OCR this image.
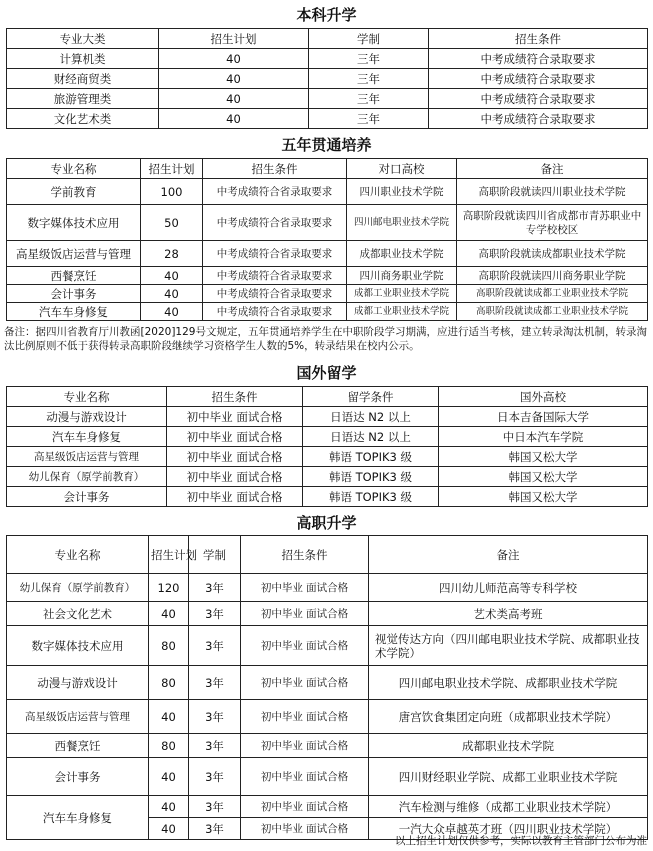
本科升学
专业大类	招生计划	学制	招生条件
计算机类	40	三年	中考成绩符合录取要求
财经商贸类	40	三年	中考成绩符合录取要求
旅游管理类	40	三年	中考成绩符合录取要求
文化艺术类	40	三年	中考成绩符合录取要求
五年贯通培养
专业名称	招生计划	招生条件	对口高校	备注
学前教育	100	中考成绩符合省录取要求	四川职业技术学院	高职阶段就读四川职业技术学院
数字媒体技术应用	50	中考成绩符合省录取要求	四川邮电职业技术学院	高职阶段就读四川省成都市青苏职业中专学校校区
高星级饭店运营与管理	28	中考成绩符合省录取要求	成都职业技术学院	高职阶段就读成都职业技术学院
西餐烹饪	40	中考成绩符合省录取要求	四川商务职业学院	高职阶段就读四川商务职业学院
会计事务	40	中考成绩符合省录取要求	成都工业职业技术学院	高职阶段就读成都工业职业技术学院
汽车车身修复	40	中考成绩符合省录取要求	成都工业职业技术学院	高职阶段就读成都工业职业技术学院

备注：据四川省教育厅川教函[2020]129号文规定，五年贯通培养学生在中职阶段学习期满，应进行适当考核，建立转录淘汰机制，转录淘汰比例原则不低于获得转录高职阶段继续学习资格学生人数的5%，转录结果在校内公示。

国外留学
专业名称	招生条件	留学条件	国外高校
动漫与游戏设计	初中毕业 面试合格	日语达 N2 以上	日本吉备国际大学
汽车车身修复	初中毕业 面试合格	日语达 N2 以上	中日本汽车学院
高星级饭店运营与管理	初中毕业 面试合格	韩语 TOPIK3 级	韩国又松大学
幼儿保育（原学前教育）	初中毕业 面试合格	韩语 TOPIK3 级	韩国又松大学
会计事务	初中毕业 面试合格	韩语 TOPIK3 级	韩国又松大学
高职升学
专业名称	招生计划	学制	招生条件	备注
幼儿保育（原学前教育）	120	3年	初中毕业 面试合格	四川幼儿师范高等专科学校
社会文化艺术	40	3年	初中毕业 面试合格	艺术类高考班
数字媒体技术应用	80	3年	初中毕业 面试合格	视觉传达方向（四川邮电职业技术学院、成都职业技术学院）
动漫与游戏设计	80	3年	初中毕业 面试合格	四川邮电职业技术学院、成都职业技术学院
高星级饭店运营与管理	40	3年	初中毕业 面试合格	唐宫饮食集团定向班（成都职业技术学院）
西餐烹饪	80	3年	初中毕业 面试合格	成都职业技术学院
会计事务	40	3年	初中毕业 面试合格	四川财经职业学院、成都工业职业技术学院
汽车车身修复	40	3年	初中毕业 面试合格	汽车检测与维修（成都工业职业技术学院）
	40	3年	初中毕业 面试合格	一汽大众卓越英才班（四川职业技术学院）
以上招生计划仅供参考，实际以教育主管部门公布为准
